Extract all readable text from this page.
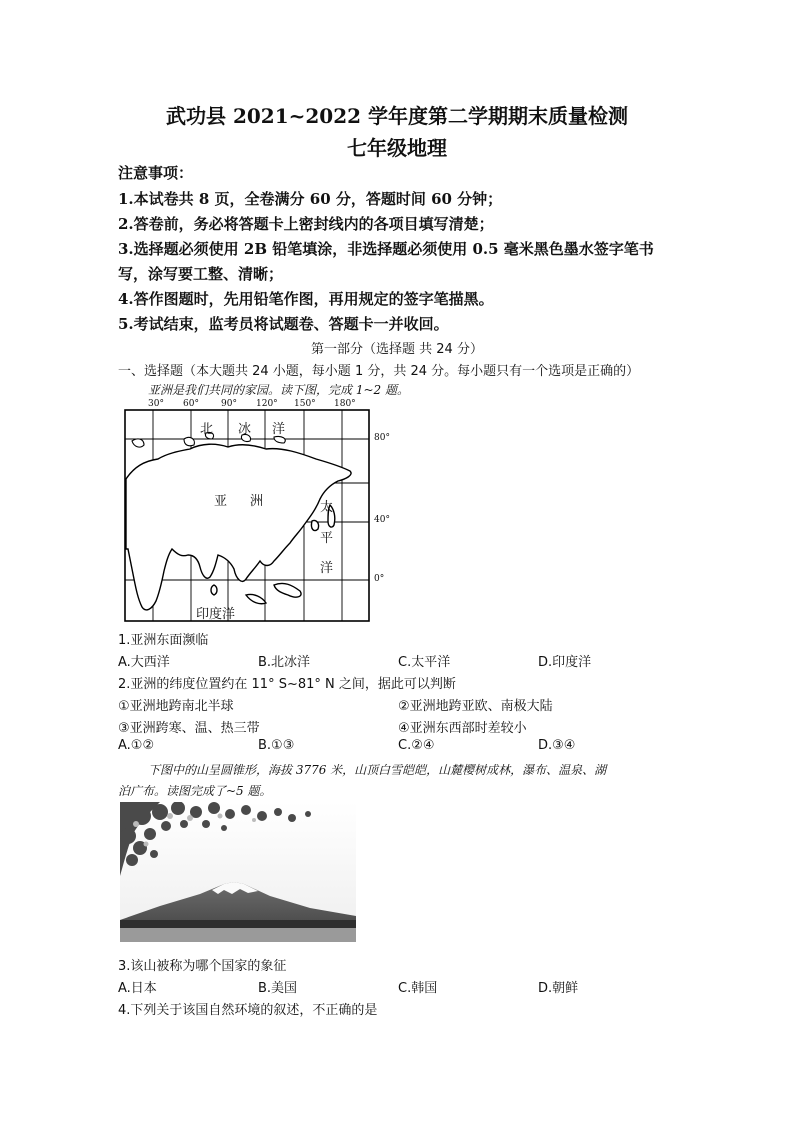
武功县 2021~2022 学年度第二学期期末质量检测
七年级地理
注意事项：
1.本试卷共 8 页，全卷满分 60 分，答题时间 60 分钟；
2.答卷前，务必将答题卡上密封线内的各项目填写清楚；
3.选择题必须使用 2B 铅笔填涂，非选择题必须使用 0.5 毫米黑色墨水签字笔书
写，涂写要工整、清晰；
4.答作图题时，先用铅笔作图，再用规定的签字笔描黑。
5.考试结束，监考员将试题卷、答题卡一并收回。
第一部分（选择题 共 24 分）
一、选择题（本大题共 24 小题，每小题 1 分，共 24 分。每小题只有一个选项是正确的）
亚洲是我们共同的家园。读下图，完成 1~2 题。
30° 60° 90° 120° 150° 180°
80°
40°
0°
北 冰 洋
亚 洲	太
平
洋
印度洋
1.亚洲东面濒临
A.大西洋	B.北冰洋	C.太平洋	D.印度洋
2.亚洲的纬度位置约在 11° S~81° N 之间，据此可以判断
①亚洲地跨南北半球	②亚洲地跨亚欧、南极大陆
③亚洲跨寒、温、热三带	④亚洲东西部时差较小
A.①②	B.①③	C.②④	D.③④
下图中的山呈圆锥形，海拔 3776 米，山顶白雪皑皑，山麓樱树成林，瀑布、温泉、湖
泊广布。读图完成了~5 题。
3.该山被称为哪个国家的象征
A.日本	B.美国	C.韩国	D.朝鲜
4.下列关于该国自然环境的叙述，不正确的是
